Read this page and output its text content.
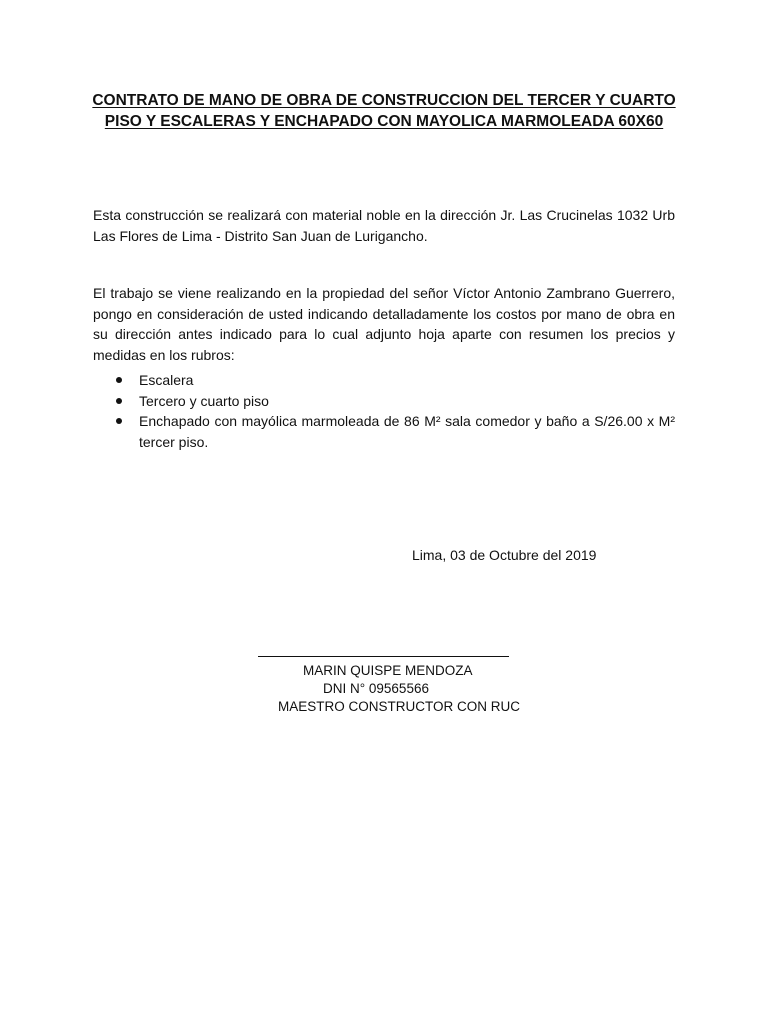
CONTRATO DE MANO DE OBRA DE CONSTRUCCION DEL TERCER Y CUARTO
PISO Y ESCALERAS Y ENCHAPADO CON MAYOLICA MARMOLEADA 60X60
Esta construcción se realizará con material noble en la dirección Jr. Las Crucinelas 1032 Urb Las Flores de Lima - Distrito San Juan de Lurigancho.
El trabajo se viene realizando en la propiedad del señor Víctor Antonio Zambrano Guerrero, pongo en consideración de usted indicando detalladamente los costos por mano de obra en su dirección antes indicado para lo cual adjunto hoja aparte con resumen los precios y medidas en los rubros:
Escalera
Tercero y cuarto piso
Enchapado con mayólica marmoleada de 86 M² sala comedor y baño a S/26.00 x M² tercer piso.
Lima, 03 de Octubre del 2019
MARIN QUISPE MENDOZA
DNI N° 09565566
MAESTRO CONSTRUCTOR CON RUC
